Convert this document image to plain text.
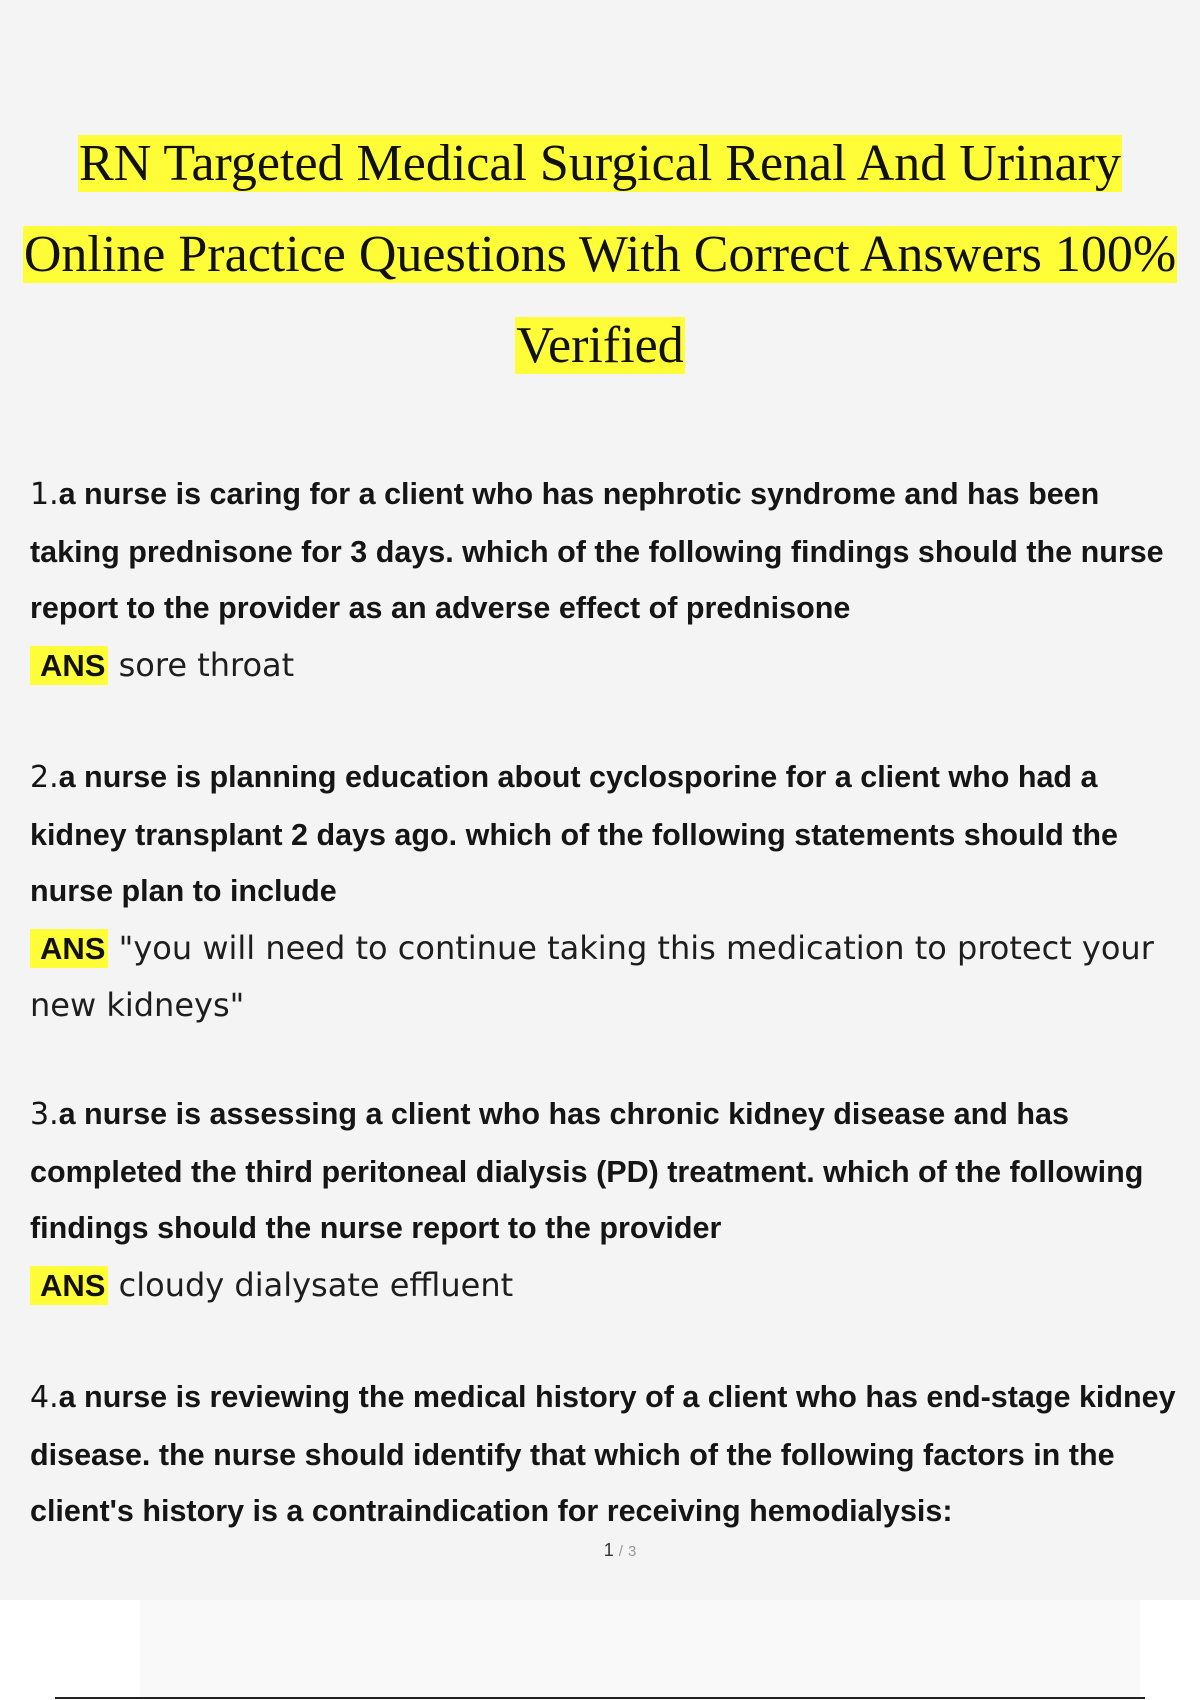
RN Targeted Medical Surgical Renal And Urinary
Online Practice Questions With Correct Answers 100%
Verified

1.a nurse is caring for a client who has nephrotic syndrome and has been taking prednisone for 3 days. which of the following findings should the nurse report to the provider as an adverse effect of prednisone

ANS sore throat

2.a nurse is planning education about cyclosporine for a client who had a kidney transplant 2 days ago. which of the following statements should the nurse plan to include

ANS "you will need to continue taking this medication to protect your new kidneys"

3.a nurse is assessing a client who has chronic kidney disease and has completed the third peritoneal dialysis (PD) treatment. which of the following findings should the nurse report to the provider

ANS cloudy dialysate effluent

4.a nurse is reviewing the medical history of a client who has end-stage kidney disease. the nurse should identify that which of the following factors in the client's history is a contraindication for receiving hemodialysis:

1 / 3
